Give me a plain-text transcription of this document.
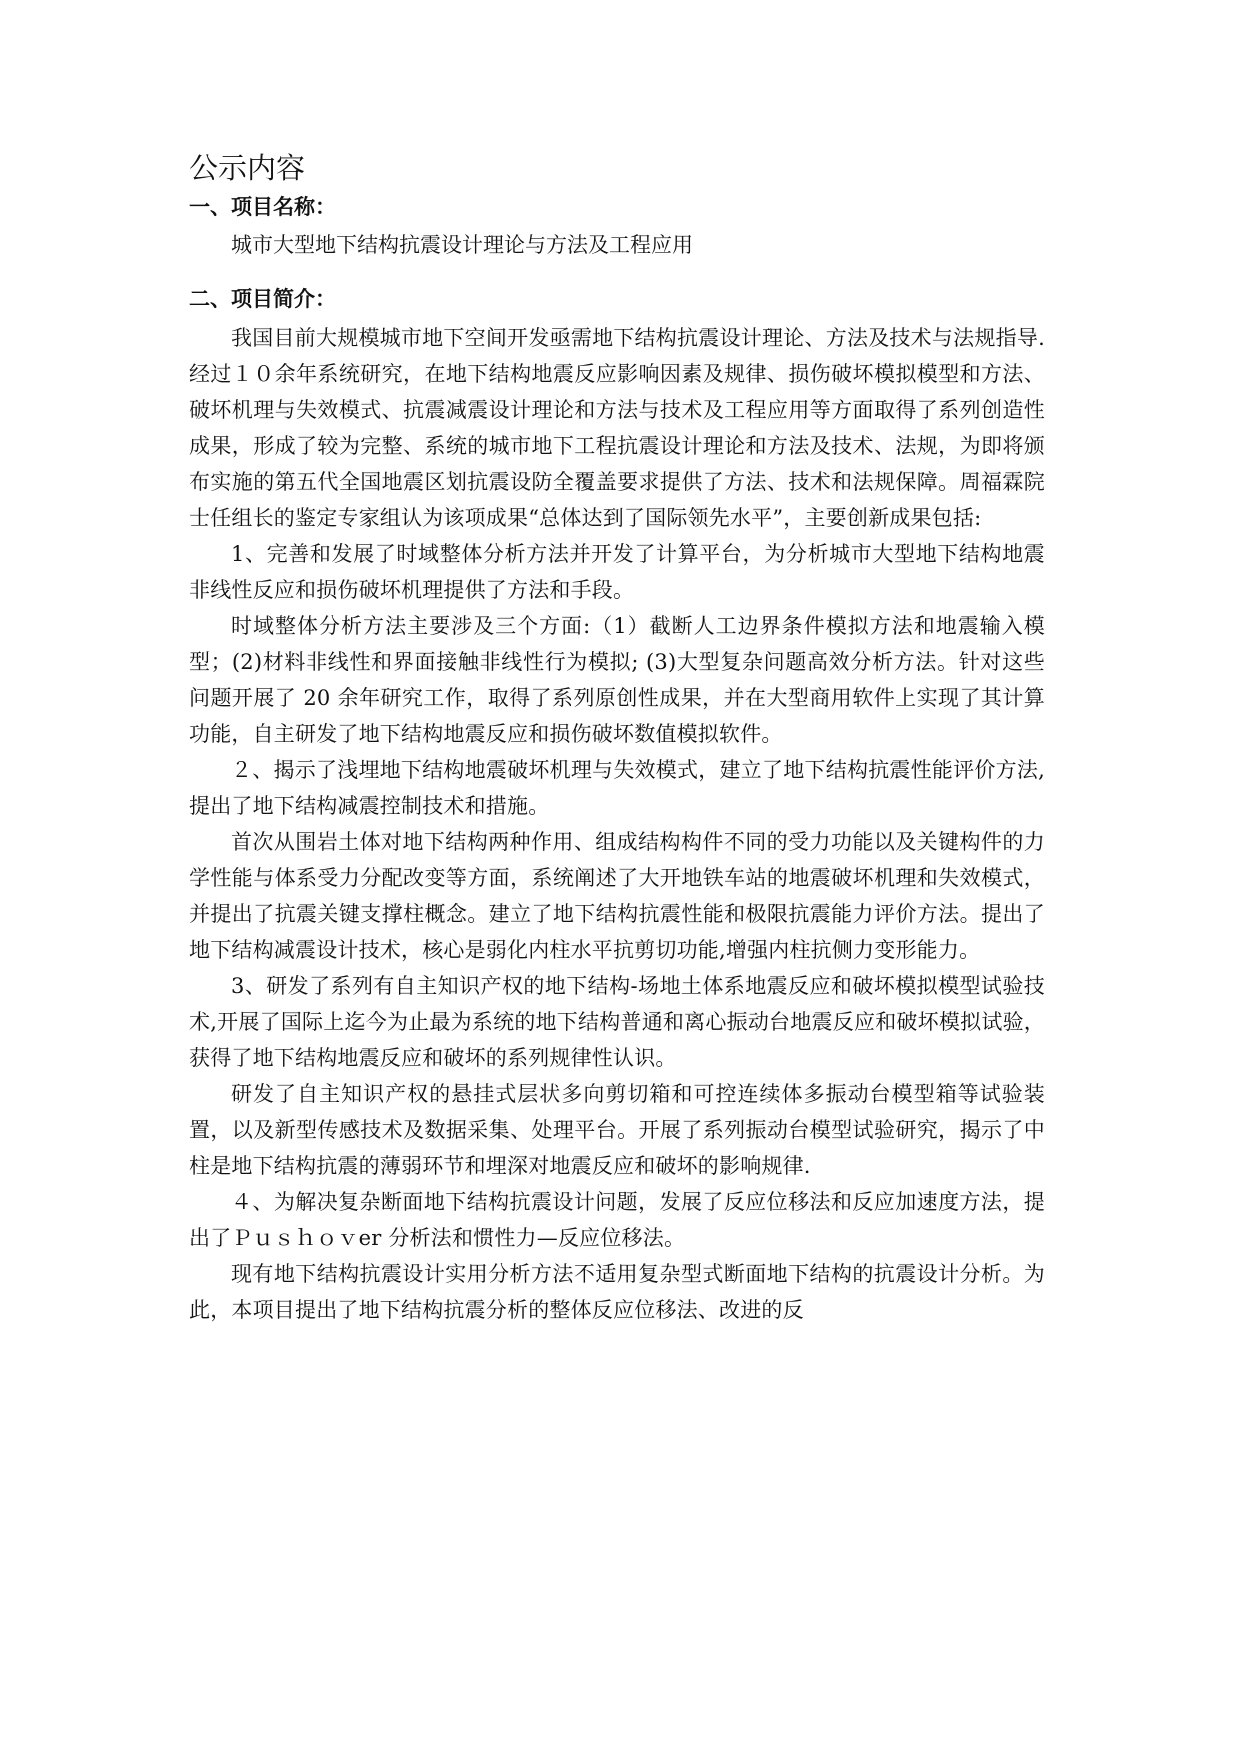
公示内容
一、项目名称：

城市大型地下结构抗震设计理论与方法及工程应用

二、项目简介：

我国目前大规模城市地下空间开发亟需地下结构抗震设计理论、方法及技术与法规指导.经过１０余年系统研究，在地下结构地震反应影响因素及规律、损伤破坏模拟模型和方法、破坏机理与失效模式、抗震减震设计理论和方法与技术及工程应用等方面取得了系列创造性成果，形成了较为完整、系统的城市地下工程抗震设计理论和方法及技术、法规，为即将颁布实施的第五代全国地震区划抗震设防全覆盖要求提供了方法、技术和法规保障。周福霖院士任组长的鉴定专家组认为该项成果“总体达到了国际领先水平”，主要创新成果包括:

1、完善和发展了时域整体分析方法并开发了计算平台，为分析城市大型地下结构地震非线性反应和损伤破坏机理提供了方法和手段。

时域整体分析方法主要涉及三个方面:（1）截断人工边界条件模拟方法和地震输入模型；(2)材料非线性和界面接触非线性行为模拟; (3)大型复杂问题高效分析方法。针对这些问题开展了 20 余年研究工作，取得了系列原创性成果，并在大型商用软件上实现了其计算功能，自主研发了地下结构地震反应和损伤破坏数值模拟软件。

２、揭示了浅埋地下结构地震破坏机理与失效模式，建立了地下结构抗震性能评价方法,提出了地下结构减震控制技术和措施。

首次从围岩土体对地下结构两种作用、组成结构构件不同的受力功能以及关键构件的力学性能与体系受力分配改变等方面，系统阐述了大开地铁车站的地震破坏机理和失效模式，并提出了抗震关键支撑柱概念。建立了地下结构抗震性能和极限抗震能力评价方法。提出了地下结构减震设计技术，核心是弱化内柱水平抗剪切功能,增强内柱抗侧力变形能力。

3、研发了系列有自主知识产权的地下结构-场地土体系地震反应和破坏模拟模型试验技术,开展了国际上迄今为止最为系统的地下结构普通和离心振动台地震反应和破坏模拟试验，获得了地下结构地震反应和破坏的系列规律性认识。

研发了自主知识产权的悬挂式层状多向剪切箱和可控连续体多振动台模型箱等试验装置，以及新型传感技术及数据采集、处理平台。开展了系列振动台模型试验研究，揭示了中柱是地下结构抗震的薄弱环节和埋深对地震反应和破坏的影响规律.

４、为解决复杂断面地下结构抗震设计问题，发展了反应位移法和反应加速度方法，提出了Ｐｕｓｈｏｖer 分析法和惯性力—反应位移法。

现有地下结构抗震设计实用分析方法不适用复杂型式断面地下结构的抗震设计分析。为此，本项目提出了地下结构抗震分析的整体反应位移法、改进的反
